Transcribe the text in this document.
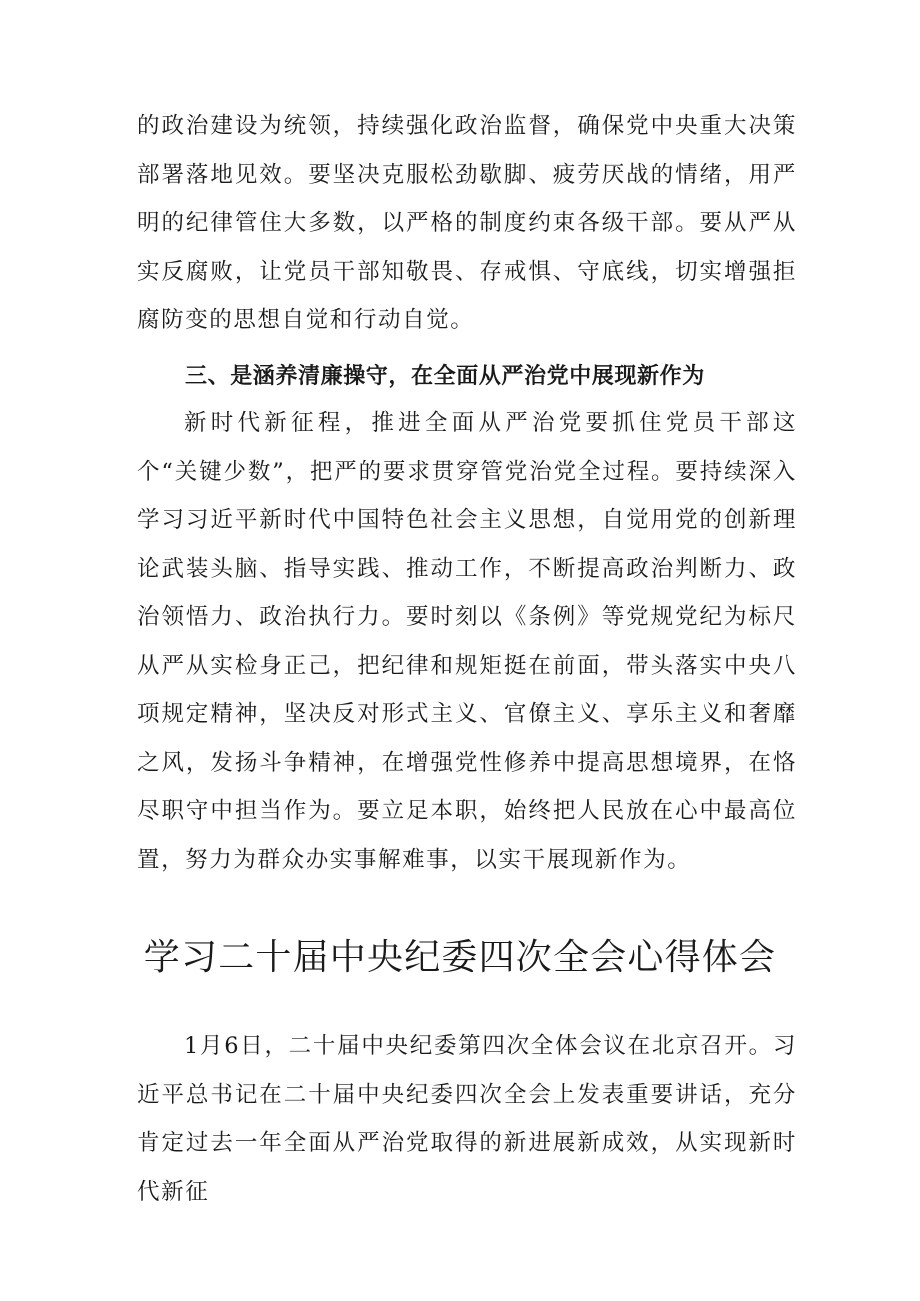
的政治建设为统领，持续强化政治监督，确保党中央重大决策部署落地见效。要坚决克服松劲歇脚、疲劳厌战的情绪，用严明的纪律管住大多数，以严格的制度约束各级干部。要从严从实反腐败，让党员干部知敬畏、存戒惧、守底线，切实增强拒腐防变的思想自觉和行动自觉。

三、是涵养清廉操守，在全面从严治党中展现新作为

新时代新征程，推进全面从严治党要抓住党员干部这个“关键少数”，把严的要求贯穿管党治党全过程。要持续深入学习习近平新时代中国特色社会主义思想，自觉用党的创新理论武装头脑、指导实践、推动工作，不断提高政治判断力、政治领悟力、政治执行力。要时刻以《条例》等党规党纪为标尺从严从实检身正己，把纪律和规矩挺在前面，带头落实中央八项规定精神，坚决反对形式主义、官僚主义、享乐主义和奢靡之风，发扬斗争精神，在增强党性修养中提高思想境界，在恪尽职守中担当作为。要立足本职，始终把人民放在心中最高位置，努力为群众办实事解难事，以实干展现新作为。

学习二十届中央纪委四次全会心得体会

1月6日，二十届中央纪委第四次全体会议在北京召开。习近平总书记在二十届中央纪委四次全会上发表重要讲话，充分肯定过去一年全面从严治党取得的新进展新成效，从实现新时代新征
